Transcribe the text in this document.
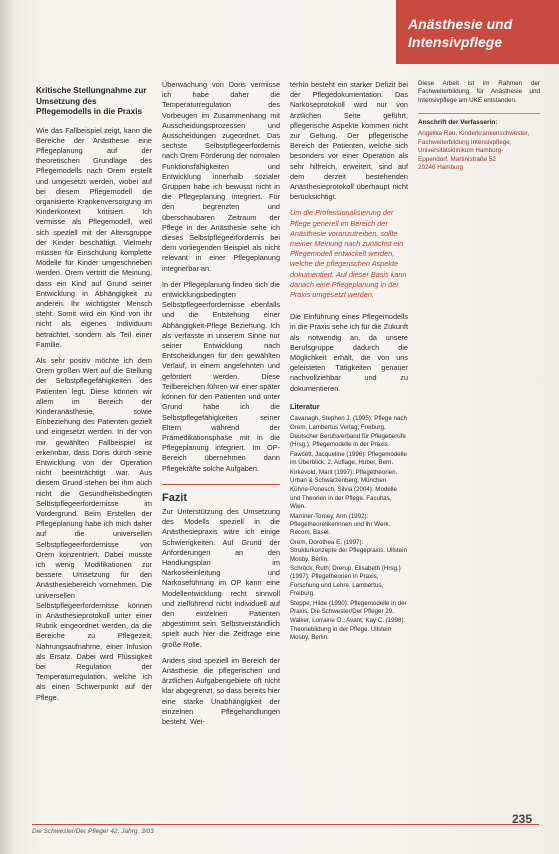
Anästhesie und
Intensivpflege
Kritische Stellungnahme zur Umsetzung des Pflegemodells in die Praxis

Wie das Fallbeispiel zeigt, kann die Bereiche der Anästhesie eine Pflegeplanung auf der theoretischen Grundlage des Pflegemodells nach Orem erstellt und umgesetzt werden, wobei auf bei diesem Pflegemodell die organisierte Krankenversorgung im Kinderkontext kritisiert. Ich vermisse als Pflegemodell, weil sich speziell mit der Altersgruppe der Kinder beschäftigt. Vielmehr müssen für Einschulung komplette Modelle für Kinder umgeschrieben werden. Orem vertritt die Meinung, dass ein Kind auf Grund seiner Entwicklung in Abhängigkeit zu anderen. Ihr wichtigster Mensch steht. Somit wird ein Kind von ihr nicht als eigenes Individuum betrachtet, sondern als Teil einer Familie.

Als sehr positiv möchte ich dem Orem großen Wert auf die Stellung der Selbstpflegefähigkeiten des Patienten legt. Diese können wir allem im Bereich der Kinderanästhesie, sowie Einbeziehung des Patienten gezielt und eingesetzt werden. In der von mir gewählten Fallbeispiel ist erkennbar, dass Doris durch seine Entwicklung von der Operation nicht beeinträchtigt war. Aus diesem Grund stehen bei ihm auch nicht die Gesundheitsbedingten Selbstpflegeerfordernisse im Vordergrund. Beim Erstellen der Pflegeplanung habe ich mich daher auf die universellen Selbstpflegeerfordernisse von Orem konzentriert. Dabei musste ich wenig Modifikationen zur bessere Umsetzung für den Anästhesiebereich vornehmen. Die universellen Selbstpflegeerfordernisse können in Anästhesieprotokoll unter einer Rubrik eingeordnet werden, da die Bereiche zu Pflegezeit, Nahrungsaufnahme, einer Infusion als Ersatz. Dabei wird Flüssigkeit bei Regulation der Temperaturregulation, welche ich als einen Schwerpunkt auf der Pflege.

Überwachung von Doris vermisse ich habe daher die Temperaturregulation des Vorbeugen im Zusammenhang mit Ausscheidungsprozessen und Ausscheidungen zugeordnet. Das sechste Selbstpflegeerfordernis nach Orem Förderung der normalen Funktionsfähigkeiten und Entwicklung innerhalb sozialer Gruppen habe ich bewusst nicht in die Pflegeplanung integriert. Für den begrenzten und überschaubaren Zeitraum der Pflege in der Anästhesie sehe ich dieses Selbstpflegeerfordernis bei dem vorliegenden Beispiel als nicht relevant in einer Pflegeplanung integrierbar an.

In der Pflegeplanung finden sich die entwicklungsbedingten Selbstpflegeerfordernisse ebenfalls und die Entstehung einer Abhängigkeit-Pflege Beziehung. Ich als verfasste in unserem Sinne nur seiner Entwicklung nach Entscheidungen für den gewählten Verlauf, in einem angelehnten und gefördert werden. Diese Teilbereichen führen wir einer später können für den Patienten und unter Grund habe ich die Selbstpflegefähigkeiten seiner Eltern während der Prämedikationsphase mit in die Pflegeplanung integriert. Im OP-Bereich übernehmen dann Pflegekräfte solche Aufgaben.

Fazit

Zur Unterstützung des Umsetzung des Modells speziell in die Anästhesiepraxis wäre ich einige Schwierigkeiten. Auf Grund der Anforderungen an den Handlungsplan im Narkoseeinleitung und Narkoseführung im OP kann eine Modellentwicklung recht sinnvoll und zielführend nicht individuell auf den einzelnen Patienten abgestimmt sein. Selbstverständlich spielt auch hier die Zeitfrage eine große Rolle.

Anders sind speziell im Bereich der Anästhesie die pflegerischen und ärztlichen Aufgabengebiete oft nicht klar abgegrenzt, so dass bereits hier eine starke Unabhängigkeit der einzelnen Pflegehandlungen besteht. Wei-

terhin besteht ein starker Defizit bei der Pflegedokumentation. Das Narkoseprotokoll wird nur von ärztlichen Seite geführt, pflegerische Aspekte kommen nicht zur Geltung. Der pflegerische Bereich der Patienten, welche sich besonders vor einer Operation als sehr hilfreich, erweitert, sind auf dem derzeit bestehenden Anästhesieprotokoll überhaupt nicht berücksichtigt.

Um die Professionalisierung der Pflege generell im Bereich der Anästhesie voranzutreiben, sollte meiner Meinung nach zunächst ein Pflegemodell entwickelt werden, welche die pflegerischen Aspekte dokumentiert. Auf dieser Basis kann danach eine Pflegeplanung in der Praxis umgesetzt werden.

Die Einführung eines Pflegemodells in die Praxis sehe ich für die Zukunft als notwendig an, da unsere Berufsgruppe dadurch die Möglichkeit erhält, die von uns geleisteten Tätigkeiten genauer nachvollziehbar und zu dokumentieren.

Literatur

Cavanagh, Stephen J. (1995): Pflege nach Orem. Lambertus Verlag, Freiburg.

Deutscher Berufsverband für Pflegeberufe (Hrsg.): Pflegemodelle in der Praxis.

Fawcett, Jacqueline (1996): Pflegemodelle im Überblick. 2. Auflage, Huber, Bern.

Kirkevold, Marit (1997): Pflegetheorien. Urban & Schwarzenberg, München.

Kühne-Ponesch, Silvia (2004): Modelle und Theorien in der Pflege. Facultas, Wien.

Marriner-Tomey, Ann (1992): Pflegetheoretikerinnen und ihr Werk. Recom, Basel.

Orem, Dorothea E. (1997): Strukturkonzepte der Pflegepraxis. Ullstein Mosby, Berlin.

Schröck, Ruth; Drerup, Elisabeth (Hrsg.) (1997): Pflegetheorien in Praxis, Forschung und Lehre. Lambertus, Freiburg.

Steppe, Hilde (1990): Pflegemodelle in der Praxis. Die Schwester/Der Pfleger 29.

Walker, Lorraine O.; Avant, Kay C. (1998): Theoriebildung in der Pflege. Ullstein Mosby, Berlin.

Diese Arbeit ist im Rahmen der Fachweiterbildung für Anästhesie und Intensivpflege am UKE entstanden.
Anschrift der Verfasserin:
Angelika Rau, Kinderkrankenschwester,
Fachweiterbildung Intensivpflege,
Universitätsklinikum Hamburg-
Eppendorf, Martinistraße 52
20246 Hamburg
Die Schwester/Der Pfleger 42. Jahrg. 3/03
235
